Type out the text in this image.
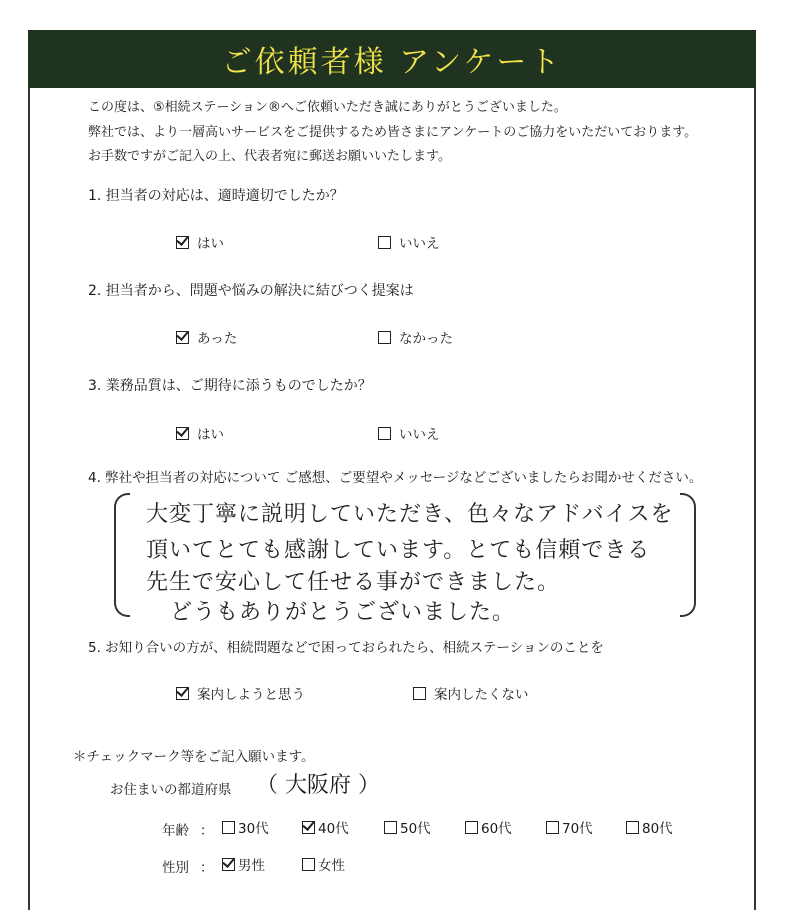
ご依頼者様 アンケート

この度は、⑤相続ステーション®へご依頼いただき誠にありがとうございました。

弊社では、より一層高いサービスをご提供するため皆さまにアンケートのご協力をいただいております。

お手数ですがご記入の上、代表者宛に郵送お願いいたします。

1. 担当者の対応は、適時適切でしたか？
はい	いいえ
2. 担当者から、問題や悩みの解決に結びつく提案は
あった	なかった
3. 業務品質は、ご期待に添うものでしたか？
はい	いいえ
4. 弊社や担当者の対応について ご感想、ご要望やメッセージなどございましたらお聞かせください。
大変丁寧に説明していただき、色々なアドバイスを
頂いてとても感謝しています。とても信頼できる
先生で安心して任せる事ができました。
どうもありがとうございました。
5. お知り合いの方が、相続問題などで困っておられたら、相続ステーションのことを
案内しようと思う	案内したくない
＊チェックマーク等をご記入願います。
お住まいの都道府県 （ 大阪府 ）
年齢 ： 30代	40代	50代	60代	70代	80代
性別 ： 男性	女性
